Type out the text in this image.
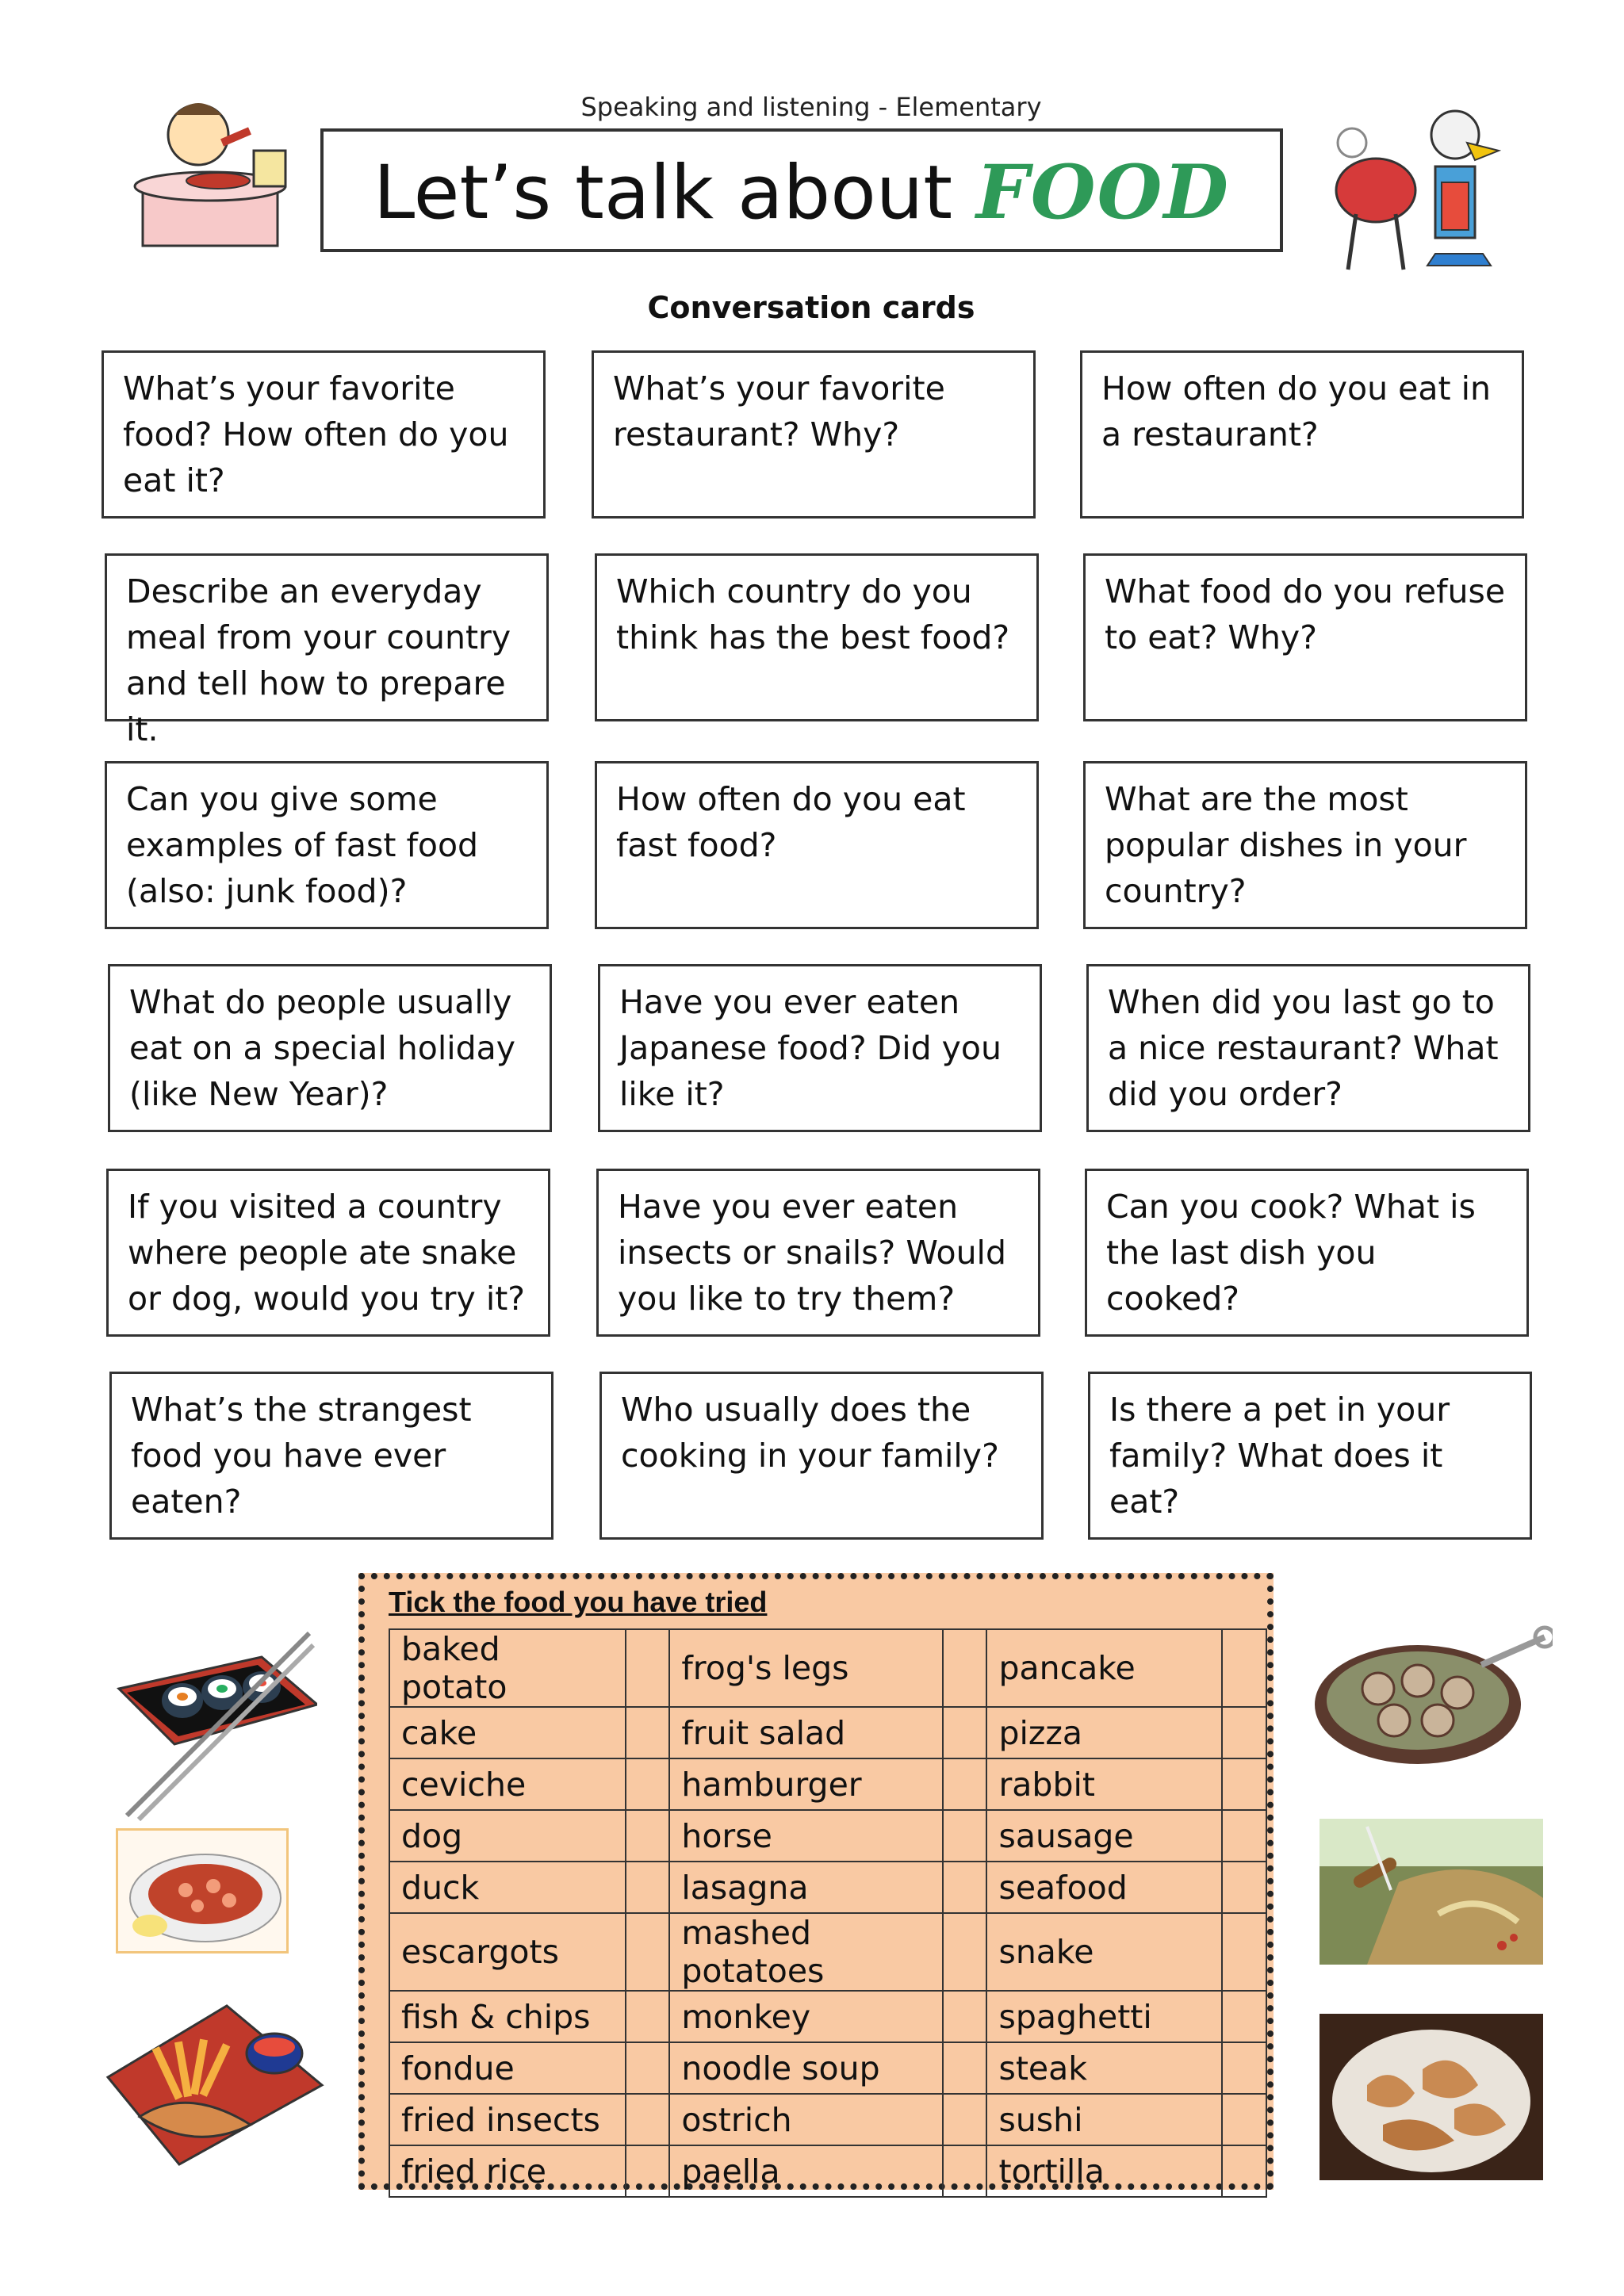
Speaking and listening - Elementary
Let’s talk about FOOD
Conversation cards
What’s your favorite food? How often do you eat it?
What’s your favorite restaurant? Why?
How often do you eat in a restaurant?
Describe an everyday meal from your country and tell how to prepare it.
Which country do you think has the best food?
What food do you refuse to eat? Why?
Can you give some examples of fast food (also: junk food)?
How often do you eat fast food?
What are the most popular dishes in your country?
What do people usually eat on a special holiday (like New Year)?
Have you ever eaten Japanese food? Did you like it?
When did you last go to a nice restaurant? What did you order?
If you visited a country where people ate snake or dog, would you try it?
Have you ever eaten insects or snails? Would you like to try them?
Can you cook? What is the last dish you cooked?
What’s the strangest food you have ever eaten?
Who usually does the cooking in your family?
Is there a pet in your family? What does it eat?
Tick the food you have tried
baked potato		frog's legs		pancake	
cake		fruit salad		pizza	
ceviche		hamburger		rabbit	
dog		horse		sausage	
duck		lasagna		seafood	
escargots		mashed potatoes		snake	
fish & chips		monkey		spaghetti	
fondue		noodle soup		steak	
fried insects		ostrich		sushi	
fried rice		paella		tortilla	
